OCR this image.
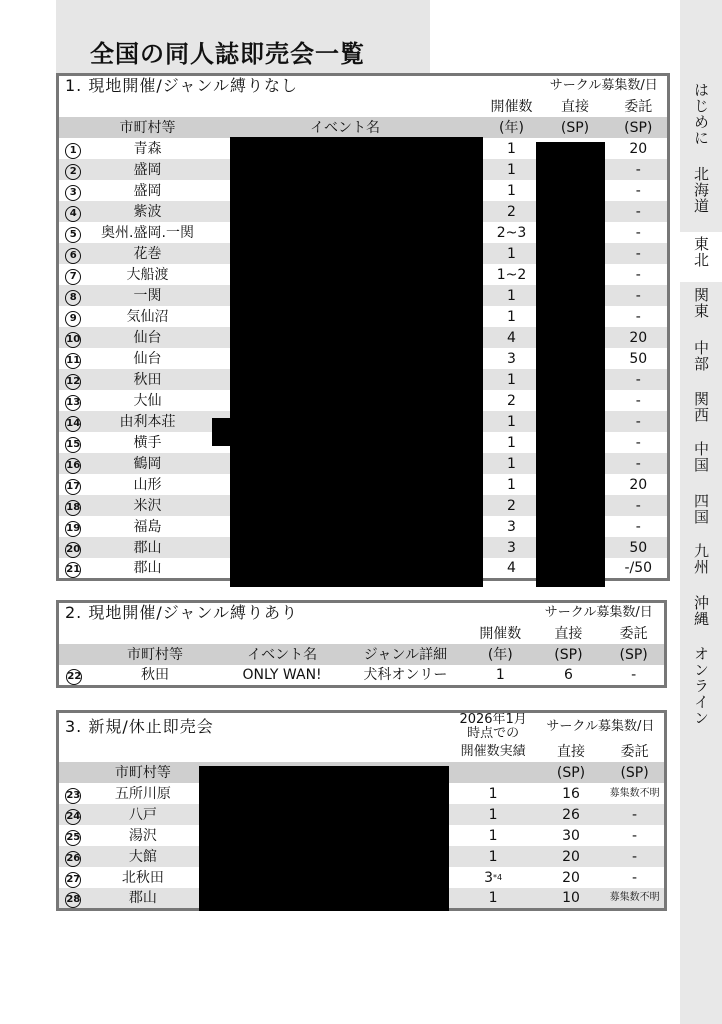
全国の同人誌即売会一覧
はじめに
北海道
東北
関東
中部
関西
中国
四国
九州
沖縄
オンライン
1. 現地開催/ジャンル縛りなし				サークル募集数/日	
			開催数	直接	委託
	市町村等	イベント名	(年)	(SP)	(SP)
1	青森		1		20
2	盛岡		1		-
3	盛岡		1		-
4	紫波		2		-
5	奥州.盛岡.一関		2~3		-
6	花巻		1		-
7	大船渡		1~2		-
8	一関		1		-
9	気仙沼		1		-
10	仙台		4		20
11	仙台		3		50
12	秋田		1		-
13	大仙		2		-
14	由利本荘		1		-
15	横手		1		-
16	鶴岡		1		-
17	山形		1		20
18	米沢		2		-
19	福島		3		-
20	郡山		3		50
21	郡山		4		-/50
2. 現地開催/ジャンル縛りあり					サークル募集数/日	
				開催数	直接	委託
	市町村等	イベント名	ジャンル詳細	(年)	(SP)	(SP)
22	秋田	ONLY WAN!	犬科オンリー	1	6	-
3. 新規/休止即売会			2026年1月
時点での	サークル募集数/日	
			開催数実績	直接	委託
	市町村等			(SP)	(SP)
23	五所川原		1	16	募集数不明
24	八戸		1	26	-
25	湯沢		1	30	-
26	大館		1	20	-
27	北秋田		3$^{*4}$	20	-
28	郡山		1	10	募集数不明
